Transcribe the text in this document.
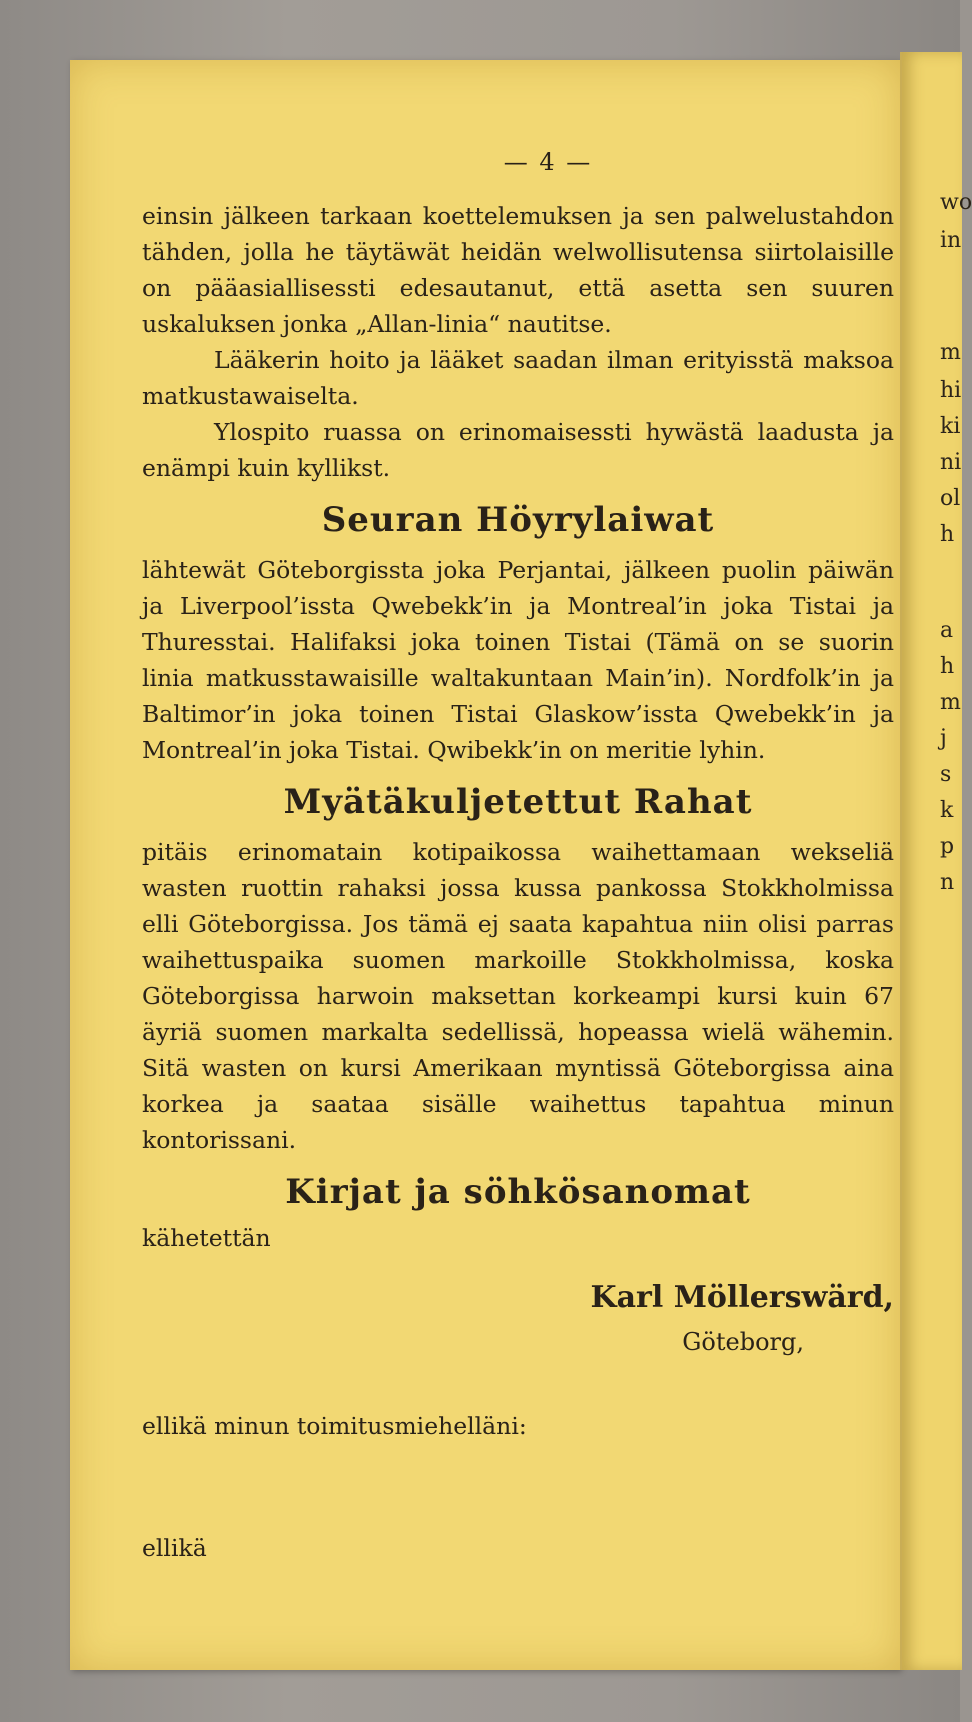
wo
in
m
hi
ki
ni
ol
h
a
h
m
j
s
k
p
n
— 4 —

einsin jälkeen tarkaan koettelemuksen ja sen palwelustahdon tähden, jolla he täytäwät heidän welwollisutensa siirtolaisille on pääasiallisessti edesautanut, että asetta sen suuren uskaluksen jonka „Allan-linia“ nautitse.

Lääkerin hoito ja lääket saadan ilman erityisstä maksoa matkustawaiselta.

Ylospito ruassa on erinomaisessti hywästä laadusta ja enämpi kuin kyllikst.

Seuran Höyrylaiwat

lähtewät Göteborgissta joka Perjantai, jälkeen puolin päiwän ja Liverpool’issta Qwebekk’in ja Montreal’in joka Tistai ja Thuresstai. Halifaksi joka toinen Tistai (Tämä on se suorin linia matkusstawaisille waltakuntaan Main’in). Nordfolk’in ja Baltimor’in joka toinen Tistai Glaskow’issta Qwebekk’in ja Montreal’in joka Tistai. Qwibekk’in on meritie lyhin.

Myätäkuljetettut Rahat

pitäis erinomatain kotipaikossa waihettamaan wekseliä wasten ruottin rahaksi jossa kussa pankossa Stokkholmissa elli Göteborgissa. Jos tämä ej saata kapahtua niin olisi parras waihettuspaika suomen markoille Stokkholmissa, koska Göteborgissa harwoin maksettan korkeampi kursi kuin 67 äyriä suomen markalta sedellissä, hopeassa wielä wähemin. Sitä wasten on kursi Amerikaan myntissä Göteborgissa aina korkea ja saataa sisälle waihettus tapahtua minun kontorissani.

Kirjat ja söhkösanomat
kähetettän
Karl Möllerswärd,
Göteborg,
ellikä minun toimitusmiehelläni:
ellikä
